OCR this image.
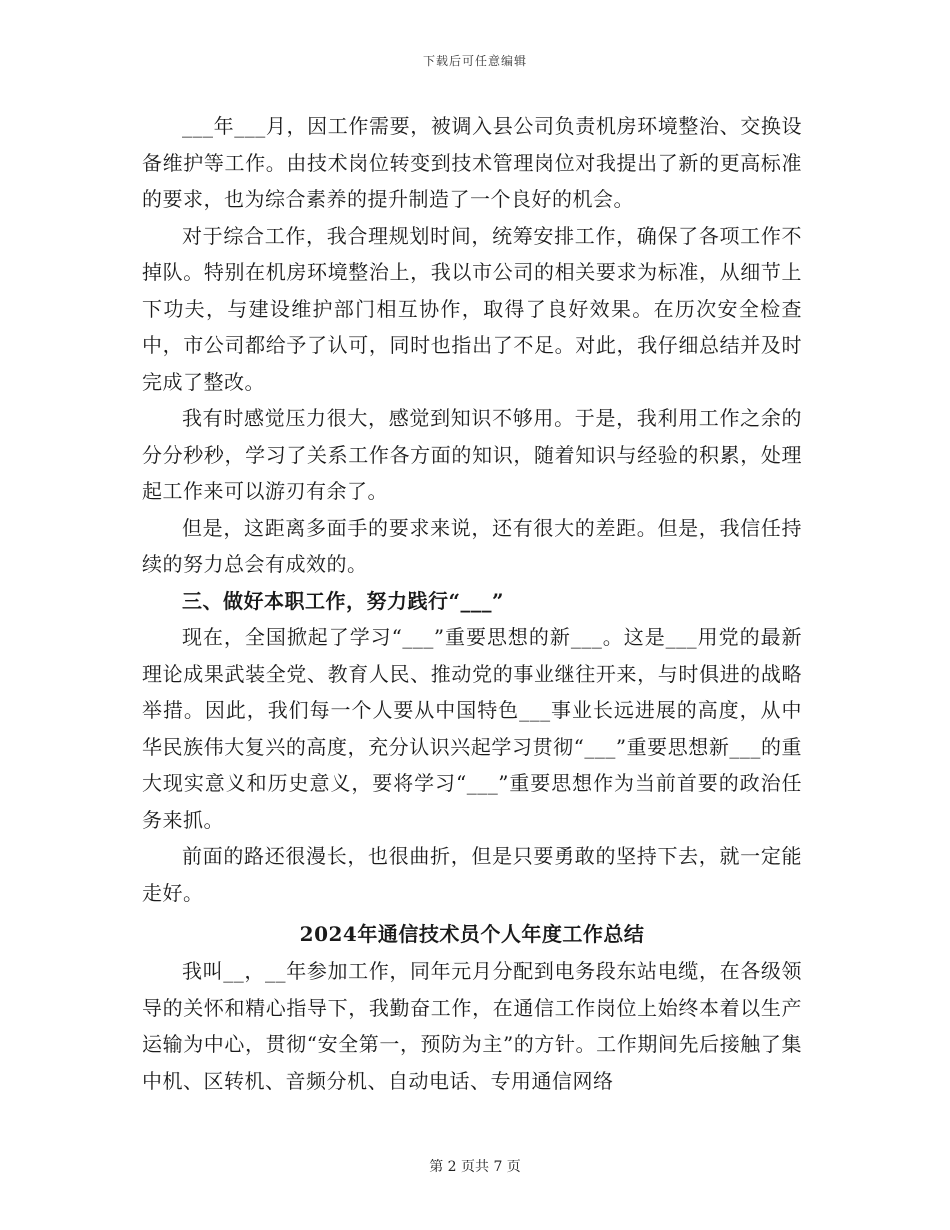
下载后可任意编辑

___年___月，因工作需要，被调入县公司负责机房环境整治、交换设备维护等工作。由技术岗位转变到技术管理岗位对我提出了新的更高标准的要求，也为综合素养的提升制造了一个良好的机会。

对于综合工作，我合理规划时间，统筹安排工作，确保了各项工作不掉队。特别在机房环境整治上，我以市公司的相关要求为标准，从细节上下功夫，与建设维护部门相互协作，取得了良好效果。在历次安全检查中，市公司都给予了认可，同时也指出了不足。对此，我仔细总结并及时完成了整改。

我有时感觉压力很大，感觉到知识不够用。于是，我利用工作之余的分分秒秒，学习了关系工作各方面的知识，随着知识与经验的积累，处理起工作来可以游刃有余了。

但是，这距离多面手的要求来说，还有很大的差距。但是，我信任持续的努力总会有成效的。

三、做好本职工作，努力践行“___”

现在，全国掀起了学习“___”重要思想的新___。这是___用党的最新理论成果武装全党、教育人民、推动党的事业继往开来，与时俱进的战略举措。因此，我们每一个人要从中国特色___事业长远进展的高度，从中华民族伟大复兴的高度，充分认识兴起学习贯彻“___”重要思想新___的重大现实意义和历史意义，要将学习“___”重要思想作为当前首要的政治任务来抓。

前面的路还很漫长，也很曲折，但是只要勇敢的坚持下去，就一定能走好。

2024年通信技术员个人年度工作总结

我叫__，__年参加工作，同年元月分配到电务段东站电缆，在各级领导的关怀和精心指导下，我勤奋工作，在通信工作岗位上始终本着以生产运输为中心，贯彻“安全第一，预防为主”的方针。工作期间先后接触了集中机、区转机、音频分机、自动电话、专用通信网络

第 2 页共 7 页
